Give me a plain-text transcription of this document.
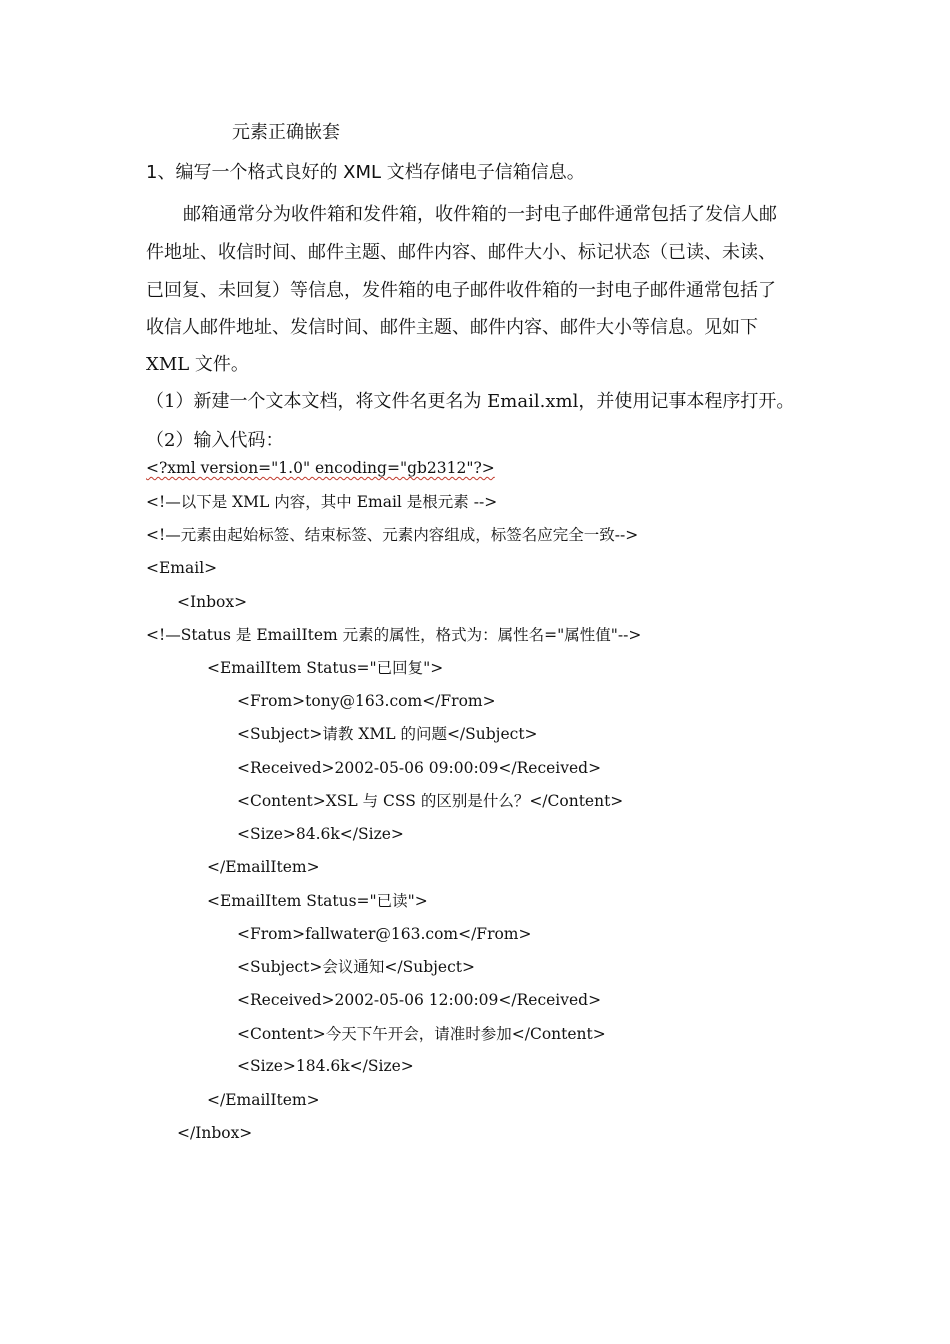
元素正确嵌套
1、编写一个格式良好的 XML 文档存储电子信箱信息。
邮箱通常分为收件箱和发件箱，收件箱的一封电子邮件通常包括了发信人邮
件地址、收信时间、邮件主题、邮件内容、邮件大小、标记状态（已读、未读、
已回复、未回复）等信息，发件箱的电子邮件收件箱的一封电子邮件通常包括了
收信人邮件地址、发信时间、邮件主题、邮件内容、邮件大小等信息。见如下
XML 文件。
（1）新建一个文本文档，将文件名更名为 Email.xml，并使用记事本程序打开。
（2）输入代码：
<?xml version="1.0" encoding="gb2312"?>
<!—以下是 XML 内容，其中 Email 是根元素 -->
<!—元素由起始标签、结束标签、元素内容组成，标签名应完全一致-->
<Email>
<Inbox>
<!—Status 是 EmailItem 元素的属性，格式为：属性名="属性值"-->
<EmailItem Status="已回复">
<From>tony@163.com</From>
<Subject>请教 XML 的问题</Subject>
<Received>2002-05-06 09:00:09</Received>
<Content>XSL 与 CSS 的区别是什么？</Content>
<Size>84.6k</Size>
</EmailItem>
<EmailItem Status="已读">
<From>fallwater@163.com</From>
<Subject>会议通知</Subject>
<Received>2002-05-06 12:00:09</Received>
<Content>今天下午开会，请准时参加</Content>
<Size>184.6k</Size>
</EmailItem>
</Inbox>
